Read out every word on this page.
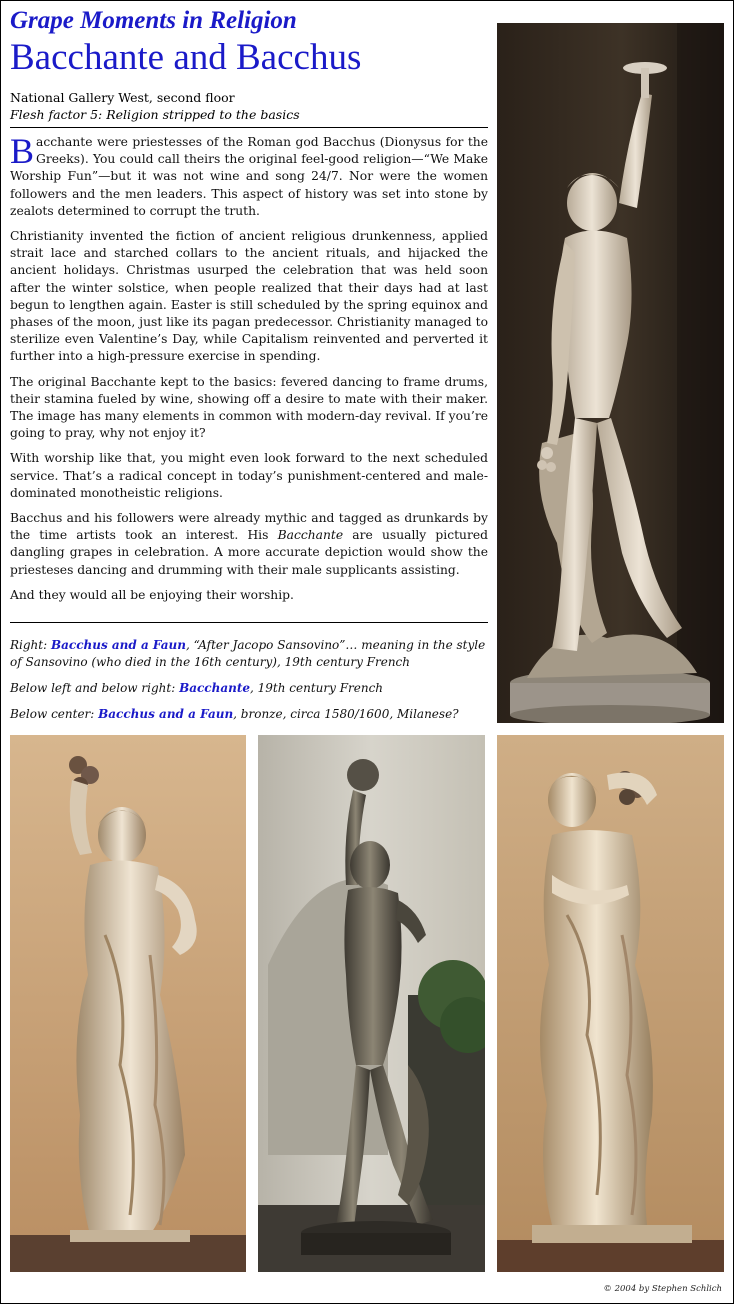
Grape Moments in Religion
Bacchante and Bacchus
National Gallery West, second floor
Flesh factor 5: Religion stripped to the basics

Bacchante were priestesses of the Roman god Bacchus (Dionysus for the Greeks). You could call theirs the original feel-good religion—“We Make Worship Fun”—but it was not wine and song 24/7. Nor were the women followers and the men leaders. This aspect of history was set into stone by zealots determined to corrupt the truth.

Christianity invented the fiction of ancient religious drunkenness, applied strait lace and starched collars to the ancient rituals, and hijacked the ancient holidays. Christmas usurped the celebration that was held soon after the winter solstice, when people realized that their days had at last begun to lengthen again. Easter is still scheduled by the spring equinox and phases of the moon, just like its pagan predecessor. Christianity managed to sterilize even Valentine’s Day, while Capitalism reinvented and perverted it further into a high-pressure exercise in spending.

The original Bacchante kept to the basics: fevered dancing to frame drums, their stamina fueled by wine, showing off a desire to mate with their maker. The image has many elements in common with modern-day revival. If you’re going to pray, why not enjoy it?

With worship like that, you might even look forward to the next scheduled service. That’s a radical concept in today’s punishment-centered and male-dominated monotheistic religions.

Bacchus and his followers were already mythic and tagged as drunkards by the time artists took an interest. His Bacchante are usually pictured dangling grapes in celebration. A more accurate depiction would show the priesteses dancing and drumming with their male supplicants assisting.

And they would all be enjoying their worship.

Right: Bacchus and a Faun, “After Jacopo Sansovino”… meaning in the style of Sansovino (who died in the 16th century), 19th century French

Below left and below right: Bacchante, 19th century French

Below center: Bacchus and a Faun, bronze, circa 1580/1600, Milanese?

© 2004 by Stephen Schlich
